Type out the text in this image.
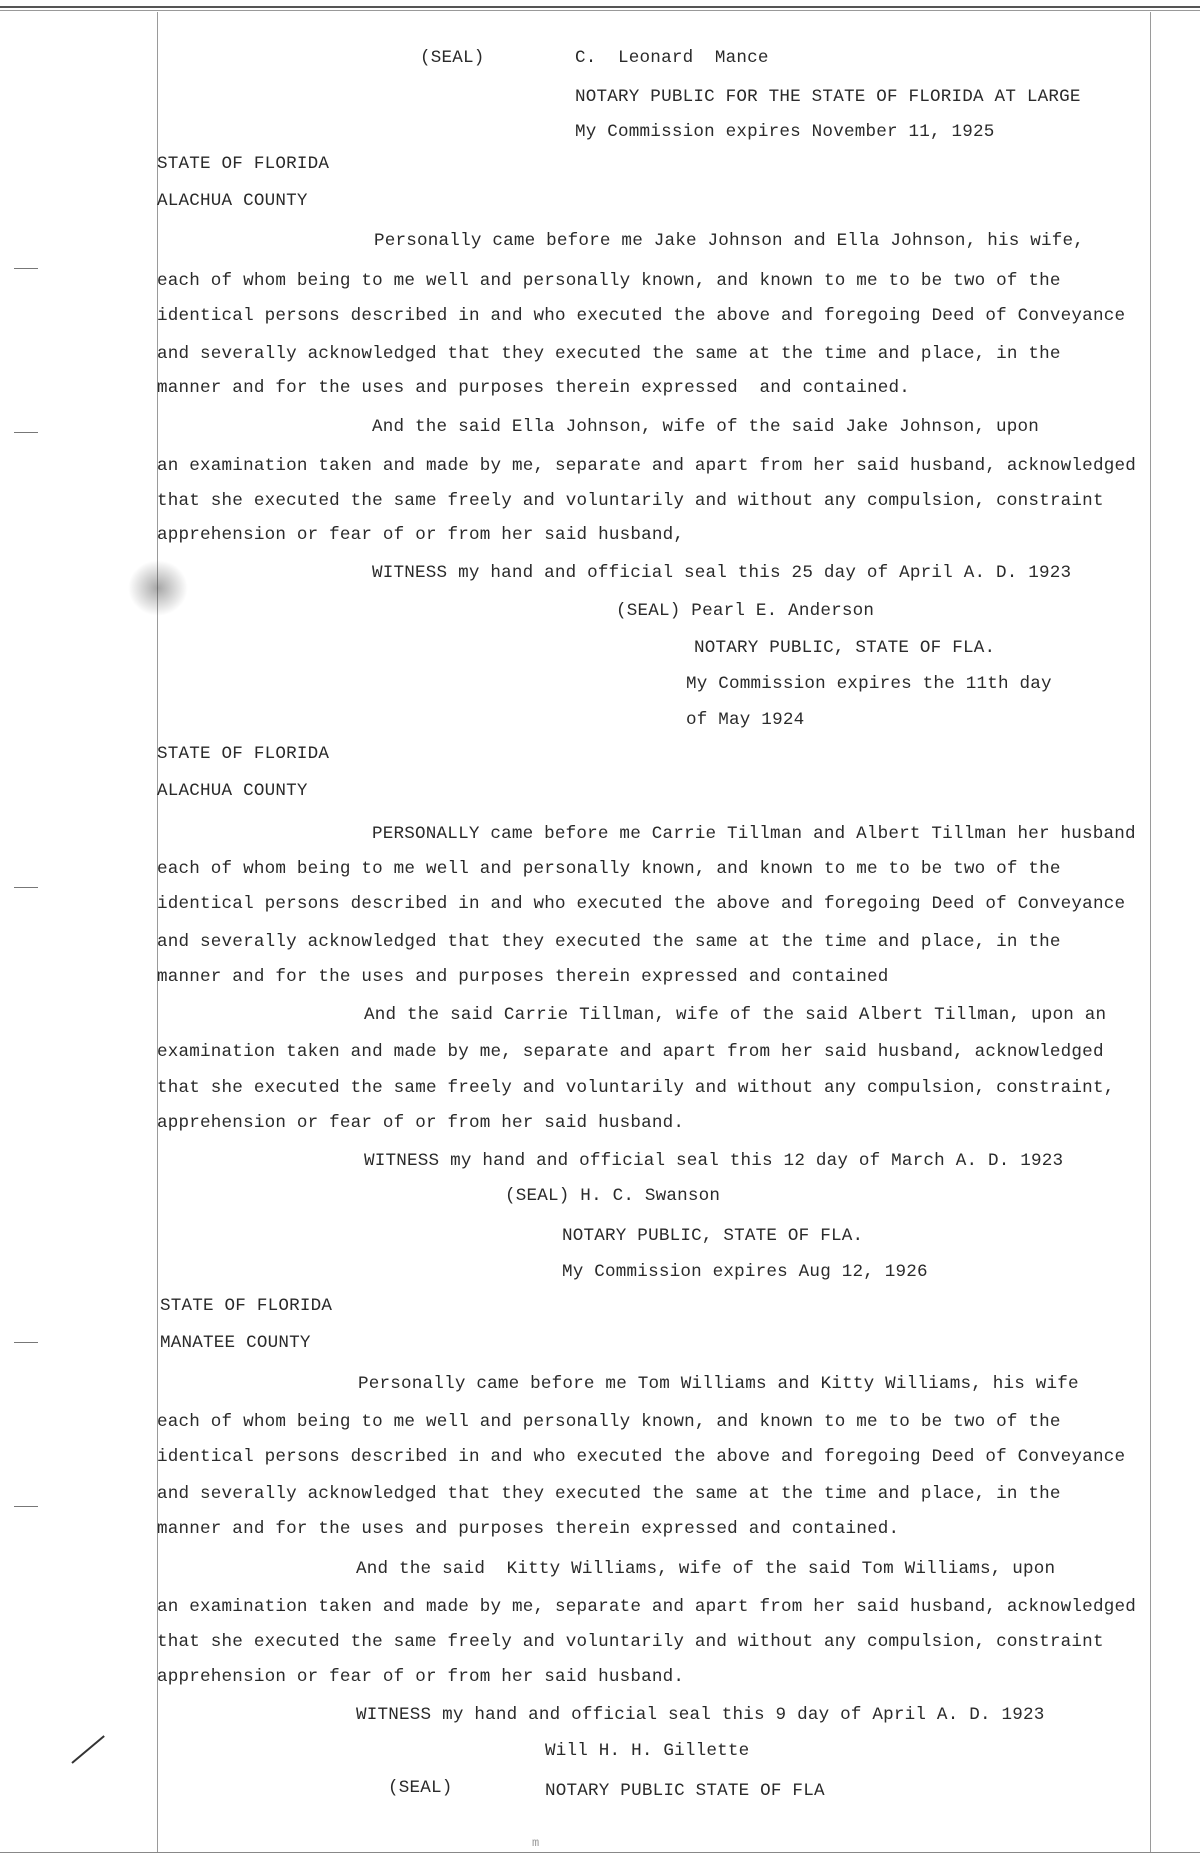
(SEAL)	C.  Leonard  Mance
NOTARY PUBLIC FOR THE STATE OF FLORIDA AT LARGE
My Commission expires November 11, 1925
STATE OF FLORIDA
ALACHUA COUNTY
Personally came before me Jake Johnson and Ella Johnson, his wife,
each of whom being to me well and personally known, and known to me to be two of the
identical persons described in and who executed the above and foregoing Deed of Conveyance
and severally acknowledged that they executed the same at the time and place, in the
manner and for the uses and purposes therein expressed  and contained.
And the said Ella Johnson, wife of the said Jake Johnson, upon
an examination taken and made by me, separate and apart from her said husband, acknowledged
that she executed the same freely and voluntarily and without any compulsion, constraint
apprehension or fear of or from her said husband,
WITNESS my hand and official seal this 25 day of April A. D. 1923
(SEAL) Pearl E. Anderson
NOTARY PUBLIC, STATE OF FLA.
My Commission expires the 11th day
of May 1924
STATE OF FLORIDA
ALACHUA COUNTY
PERSONALLY came before me Carrie Tillman and Albert Tillman her husband
each of whom being to me well and personally known, and known to me to be two of the
identical persons described in and who executed the above and foregoing Deed of Conveyance
and severally acknowledged that they executed the same at the time and place, in the
manner and for the uses and purposes therein expressed and contained
And the said Carrie Tillman, wife of the said Albert Tillman, upon an
examination taken and made by me, separate and apart from her said husband, acknowledged
that she executed the same freely and voluntarily and without any compulsion, constraint,
apprehension or fear of or from her said husband.
WITNESS my hand and official seal this 12 day of March A. D. 1923
(SEAL) H. C. Swanson
NOTARY PUBLIC, STATE OF FLA.
My Commission expires Aug 12, 1926
STATE OF FLORIDA
MANATEE COUNTY
Personally came before me Tom Williams and Kitty Williams, his wife
each of whom being to me well and personally known, and known to me to be two of the
identical persons described in and who executed the above and foregoing Deed of Conveyance
and severally acknowledged that they executed the same at the time and place, in the
manner and for the uses and purposes therein expressed and contained.
And the said  Kitty Williams, wife of the said Tom Williams, upon
an examination taken and made by me, separate and apart from her said husband, acknowledged
that she executed the same freely and voluntarily and without any compulsion, constraint
apprehension or fear of or from her said husband.
WITNESS my hand and official seal this 9 day of April A. D. 1923
Will H. H. Gillette
(SEAL)	NOTARY PUBLIC STATE OF FLA
m
